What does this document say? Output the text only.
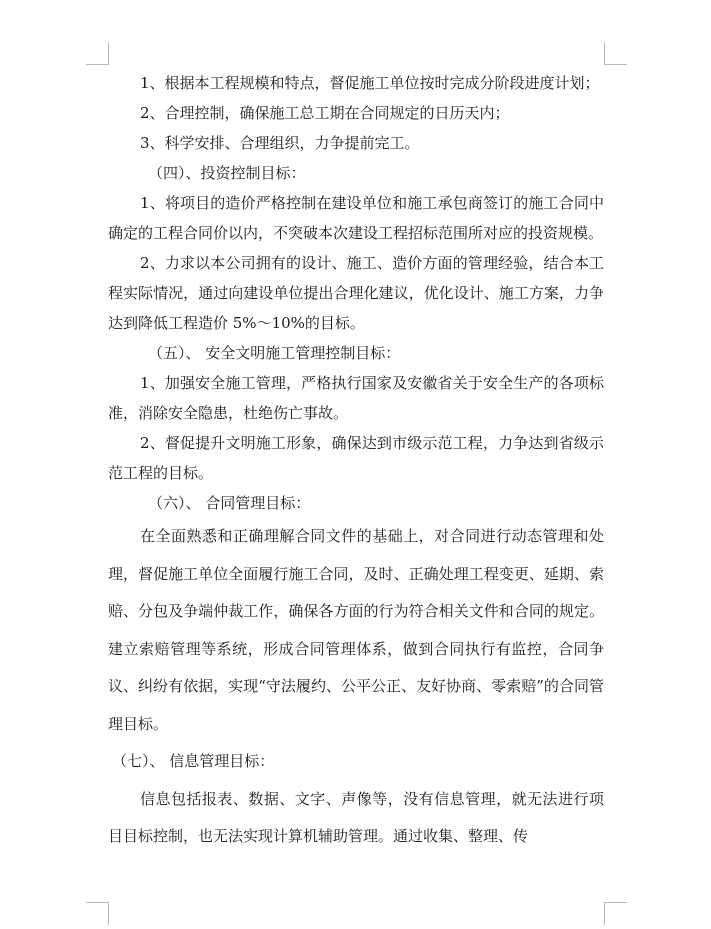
1、根据本工程规模和特点，督促施工单位按时完成分阶段进度计划；

2、合理控制，确保施工总工期在合同规定的日历天内；

3、科学安排、合理组织，力争提前完工。

（四）、投资控制目标：

1、将项目的造价严格控制在建设单位和施工承包商签订的施工合同中确定的工程合同价以内，不突破本次建设工程招标范围所对应的投资规模。

2、力求以本公司拥有的设计、施工、造价方面的管理经验，结合本工程实际情况，通过向建设单位提出合理化建议，优化设计、施工方案，力争达到降低工程造价 5%～10%的目标。

（五）、 安全文明施工管理控制目标：

1、加强安全施工管理，严格执行国家及安徽省关于安全生产的各项标准，消除安全隐患，杜绝伤亡事故。

2、督促提升文明施工形象，确保达到市级示范工程，力争达到省级示范工程的目标。

（六）、 合同管理目标：

在全面熟悉和正确理解合同文件的基础上，对合同进行动态管理和处理，督促施工单位全面履行施工合同，及时、正确处理工程变更、延期、索赔、分包及争端仲裁工作，确保各方面的行为符合相关文件和合同的规定。建立索赔管理等系统，形成合同管理体系，做到合同执行有监控，合同争议、纠纷有依据，实现“守法履约、公平公正、友好协商、零索赔”的合同管理目标。

（七）、 信息管理目标：

信息包括报表、数据、文字、声像等，没有信息管理，就无法进行项目目标控制，也无法实现计算机辅助管理。通过收集、整理、传
